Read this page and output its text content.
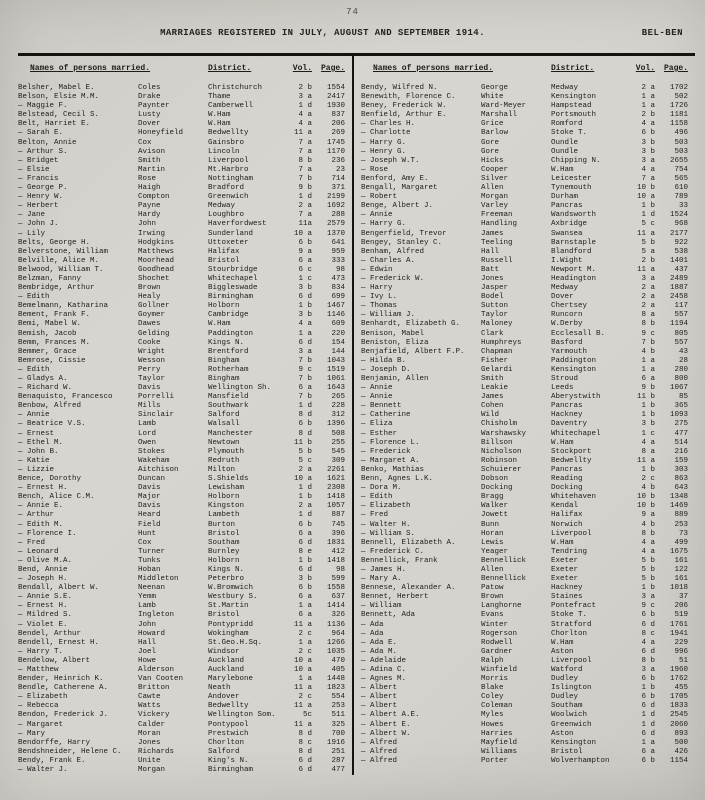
74
MARRIAGES REGISTERED IN JULY, AUGUST AND SEPTEMBER 1914.	BEL-BEN
Names of persons married.	District.	Vol.	Page.
Belsher, Mabel E.	Coles	Christchurch	2 b	1554
Belson, Elsie M.M.	Drake	Thame	3 a	2417
— Maggie F.	Paynter	Camberwell	1 d	1930
Belstead, Cecil S.	Lusty	W.Ham	4 a	837
Belt, Harriet E.	Dover	W.Ham	4 a	206
— Sarah E.	Honeyfield	Bedwellty	11 a	269
Belton, Annie	Cox	Gainsbro	7 a	1745
— Arthur S.	Avison	Lincoln	7 a	1170
— Bridget	Smith	Liverpool	8 b	236
— Elsie	Martin	Mt.Harbro	7 a	23
— Francis	Rose	Nottingham	7 b	714
— George P.	Haigh	Bradford	9 b	371
— Henry W.	Compton	Greenwich	1 d	2199
— Herbert	Payne	Medway	2 a	1692
— Jane	Hardy	Loughbro	7 a	288
— John J.	John	Haverfordwest	11a	2579
— Lily	Irwing	Sunderland	10 a	1370
Belts, George H.	Hodgkins	Uttoxeter	6 b	641
Belverstone, William	Matthews	Halifax	9 a	959
Belville, Alice M.	Moorhead	Bristol	6 a	333
Belwood, William T.	Goodhead	Stourbridge	6 c	98
Belzman, Fanny	Shochet	Whitechapel	1 c	473
Bembridge, Arthur	Brown	Biggleswade	3 b	834
— Edith	Healy	Birmingham	6 d	699
Bemelmann, Katharina	Gollner	Holborn	1 b	1467
Bement, Frank F.	Goymer	Cambridge	3 b	1146
Bemi, Mabel W.	Dawes	W.Ham	4 a	609
Bemish, Jacob	Gelding	Paddington	1 a	220
Bemm, Frances M.	Cooke	Kings N.	6 d	154
Bemmer, Grace	Wright	Brentford	3 a	144
Bemrose, Cissie	Wesson	Bingham	7 b	1043
— Edith	Perry	Rotherham	9 c	1519
— Gladys A.	Taylor	Bingham	7 b	1061
— Richard W.	Davis	Wellington Sh.	6 a	1643
Benaquisto, Francesco	Porrelli	Mansfield	7 b	265
Benbow, Alfred	Mills	Southwark	1 d	228
— Annie	Sinclair	Salford	8 d	312
— Beatrice V.S.	Lamb	Walsall	6 b	1396
— Ernest	Lord	Manchester	8 d	508
— Ethel M.	Owen	Newtown	11 b	255
— John B.	Stokes	Plymouth	5 b	545
— Katie	Wakeham	Redruth	5 c	309
— Lizzie	Aitchison	Milton	2 a	2261
Bence, Dorothy	Duncan	S.Shields	10 a	1621
— Ernest H.	Davis	Lewisham	1 d	2308
Bench, Alice C.M.	Major	Holborn	1 b	1418
— Annie E.	Davis	Kingston	2 a	1057
— Arthur	Heard	Lambeth	1 d	887
— Edith M.	Field	Burton	6 b	745
— Florence I.	Hunt	Bristol	6 a	396
— Fred	Cox	Southam	6 d	1831
— Leonard	Turner	Burnley	8 e	412
— Olive M.A.	Tunks	Holborn	1 b	1418
Bend, Annie	Hoban	Kings N.	6 d	98
— Joseph H.	Middleton	Peterbro	3 b	599
Bendall, Albert W.	Neenan	W.Bromwich	6 b	1558
— Annie S.E.	Yemm	Westbury S.	6 a	637
— Ernest H.	Lamb	St.Martin	1 a	1414
— Mildred S.	Ingleton	Bristol	6 a	326
— Violet E.	John	Pontypridd	11 a	1136
Bendel, Arthur	Howard	Wokingham	2 c	964
Bendell, Ernest H.	Hall	St.Geo.H.Sq.	1 a	1266
— Harry T.	Joel	Windsor	2 c	1035
Bendelow, Albert	Howe	Auckland	10 a	470
— Matthew	Alderson	Auckland	10 a	405
Bender, Heinrich K.	Van Cooten	Marylebone	1 a	1448
Bendle, Catherene A.	Britton	Neath	11 a	1823
— Elizabeth	Cawte	Andover	2 c	554
— Rebecca	Watts	Bedwellty	11 a	253
Bendon, Frederick J.	Vickery	Wellington Som.	5c	511
— Margaret	Calder	Pontypool	11 a	325
— Mary	Moran	Prestwich	8 d	700
Bendorffe, Harry	Jones	Chorlton	8 c	1916
Bendshneider, Helene C.	Richards	Salford	8 d	251
Bendy, Frank E.	Unite	King's N.	6 d	287
— Walter J.	Morgan	Birmingham	6 d	477
Names of persons married.	District.	Vol.	Page.
Bendy, Wilfred N.	George	Medway	2 a	1702
Benewith, Florence C.	White	Kensington	1 a	502
Beney, Frederick W.	Ward-Meyer	Hampstead	1 a	1726
Benfield, Arthur E.	Marshall	Portsmouth	2 b	1181
— Charles H.	Grice	Romford	4 a	1158
— Charlotte	Barlow	Stoke T.	6 b	496
— Harry G.	Gore	Oundle	3 b	503
— Henry G.	Gore	Oundle	3 b	503
— Joseph W.T.	Hicks	Chipping N.	3 a	2655
— Rose	Cooper	W.Ham	4 a	754
Benford, Amy E.	Silver	Leicester	7 a	565
Bengall, Margaret	Allen	Tynemouth	10 b	610
— Robert	Morgan	Durham	10 a	789
Benge, Albert J.	Varley	Pancras	1 b	33
— Annie	Freeman	Wandsworth	1 d	1524
— Harry G.	Handling	Axbridge	5 c	968
Bengerfield, Trevor	James	Swansea	11 a	2177
Bengey, Stanley C.	Teeling	Barnstaple	5 b	922
Benham, Alfred	Hall	Blandford	5 a	538
— Charles A.	Russell	I.Wight	2 b	1401
— Edwin	Batt	Newport M.	11 a	437
— Frederick W.	Jones	Headington	3 a	2489
— Harry	Jasper	Medway	2 a	1887
— Ivy L.	Bodel	Dover	2 a	2458
— Thomas	Sutton	Chertsey	2 a	117
— William J.	Taylor	Runcorn	8 a	557
Benhardt, Elizabeth G.	Maloney	W.Derby	8 b	1194
Benison, Mabel	Clark	Ecclesall B.	9 c	805
Beniston, Eliza	Humphreys	Basford	7 b	557
Benjafield, Albert F.P.	Chapman	Yarmouth	4 b	43
— Hilda B.	Fisher	Paddington	1 a	28
— Joseph D.	Gelardi	Kensington	1 a	280
Benjamin, Allen	Smith	Stroud	6 a	800
— Annie	Leakie	Leeds	9 b	1067
— Annie	James	Aberystwith	11 b	85
— Bennett	Cohen	Pancras	1 b	365
— Catherine	Wild	Hackney	1 b	1093
— Eliza	Chisholm	Daventry	3 b	275
— Esther	Warshawsky	Whitechapel	1 c	477
— Florence L.	Billson	W.Ham	4 a	514
— Frederick	Nicholson	Stockport	8 a	216
— Margaret A.	Robinson	Bedwellty	11 a	159
Benko, Mathias	Schuierer	Pancras	1 b	303
Benn, Agnes L.K.	Dobson	Reading	2 c	863
— Dora M.	Docking	Docking	4 b	643
— Edith	Bragg	Whitehaven	10 b	1348
— Elizabeth	Walker	Kendal	10 b	1469
— Fred	Jowett	Halifax	9 a	889
— Walter H.	Bunn	Norwich	4 b	253
— William S.	Horan	Liverpool	8 b	73
Bennell, Elizabeth A.	Lewis	W.Ham	4 a	499
— Frederick C.	Yeager	Tendring	4 a	1675
Bennellick, Frank	Bennellick	Exeter	5 b	161
— James H.	Allen	Exeter	5 b	122
— Mary A.	Bennellick	Exeter	5 b	161
Bennese, Alexander A.	Patow	Hackney	1 b	1018
Bennet, Herbert	Brown	Staines	3 a	37
— William	Langhorne	Pontefract	9 c	206
Bennett, Ada	Evans	Stoke T.	6 b	519
— Ada	Winter	Stratford	6 d	1761
— Ada	Rogerson	Chorlton	8 c	1941
— Ada E.	Rodwell	W.Ham	4 a	229
— Ada M.	Gardner	Aston	6 d	996
— Adelaide	Ralph	Liverpool	8 b	51
— Adina C.	Winfield	Watford	3 a	1960
— Agnes M.	Morris	Dudley	6 b	1762
— Albert	Blake	Islington	1 b	455
— Albert	Coley	Dudley	6 b	1705
— Albert	Coleman	Southam	6 d	1833
— Albert A.E.	Myles	Woolwich	1 d	2545
— Albert E.	Howes	Greenwich	1 d	2060
— Albert W.	Harries	Aston	6 d	893
— Alfred	Mayfield	Kensington	1 a	500
— Alfred	Williams	Bristol	6 a	426
— Alfred	Porter	Wolverhampton	6 b	1154
